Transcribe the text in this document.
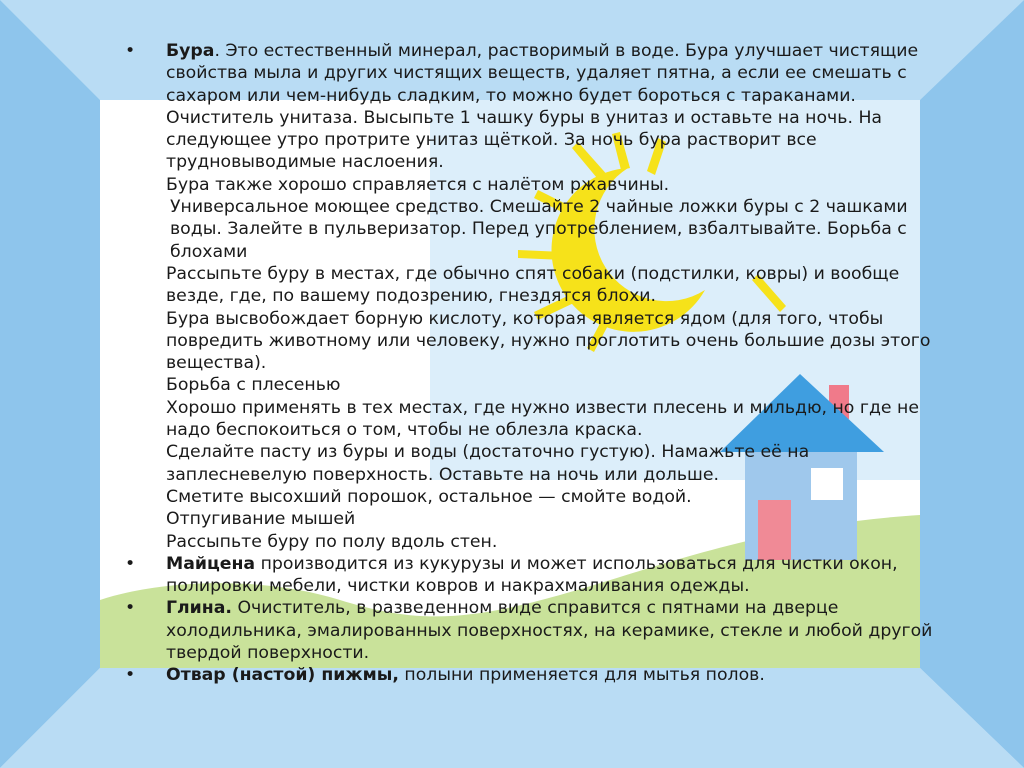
• Бура. Это естественный минерал, растворимый в воде. Бура улучшает чистящие свойства мыла и других чистящих веществ, удаляет пятна, а если ее смешать с сахаром или чем-нибудь сладким, то можно будет бороться с тараканами.

Очиститель унитаза. Высыпьте 1 чашку буры в унитаз и оставьте на ночь. На следующее утро протрите унитаз щёткой. За ночь бура растворит все трудновыводимые наслоения.

Бура также хорошо справляется с налётом ржавчины.

Универсальное моющее средство. Смешайте 2 чайные ложки буры с 2 чашками воды. Залейте в пульверизатор. Перед употреблением, взбалтывайте. Борьба с блохами

Рассыпьте буру в местах, где обычно спят собаки (подстилки, ковры) и вообще везде, где, по вашему подозрению, гнездятся блохи.

Бура высвобождает борную кислоту, которая является ядом (для того, чтобы повредить животному или человеку, нужно проглотить очень большие дозы этого вещества).

Борьба с плесенью

Хорошо применять в тех местах, где нужно извести плесень и мильдю, но где не надо беспокоиться о том, чтобы не облезла краска.

Сделайте пасту из буры и воды (достаточно густую). Намажьте её на заплесневелую поверхность. Оставьте на ночь или дольше.

Сметите высохший порошок, остальное — смойте водой.

Отпугивание мышей

Рассыпьте буру по полу вдоль стен.

• Майцена производится из кукурузы и может использоваться для чистки окон, полировки мебели, чистки ковров и накрахмаливания одежды.

• Глина. Очиститель, в разведенном виде справится с пятнами на дверце холодильника, эмалированных поверхностях, на керамике, стекле и любой другой твердой поверхности.

• Отвар (настой) пижмы, полыни применяется для мытья полов.
